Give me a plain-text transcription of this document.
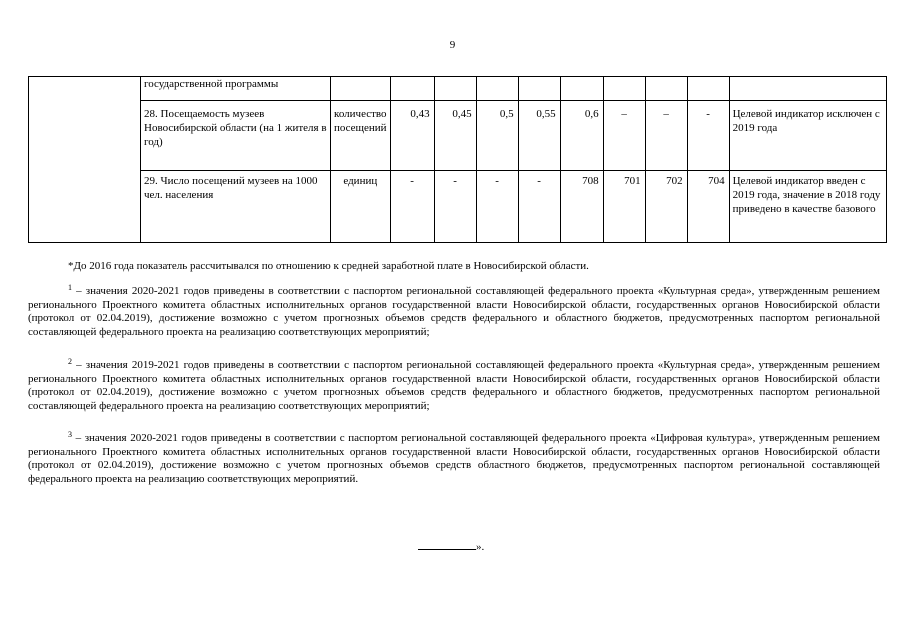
9
	государственной программы										
	28. Посещаемость музеев Новосибирской области (на 1 жителя в год)	количество посещений	0,43	0,45	0,5	0,55	0,6	–	–	-	Целевой индикатор исключен с 2019 года
	29. Число посещений музеев на 1000 чел. населения	единиц	-	-	-	-	708	701	702	704	Целевой индикатор введен с 2019 года, значение в 2018 году приведено в качестве базового

*До 2016 года показатель рассчитывался по отношению к средней заработной плате в Новосибирской области.

$^1$ – значения 2020-2021 годов приведены в соответствии с паспортом региональной составляющей федерального проекта «Культурная среда», утвержденным решением регионального Проектного комитета областных исполнительных органов государственной власти Новосибирской области, государственных органов Новосибирской области (протокол от 02.04.2019), достижение возможно с учетом прогнозных объемов средств федерального и областного бюджетов, предусмотренных паспортом региональной составляющей федерального проекта на реализацию соответствующих мероприятий;

$^2$ – значения 2019-2021 годов приведены в соответствии с паспортом региональной составляющей федерального проекта «Культурная среда», утвержденным решением регионального Проектного комитета областных исполнительных органов государственной власти Новосибирской области, государственных органов Новосибирской области (протокол от 02.04.2019), достижение возможно с учетом прогнозных объемов средств федерального и областного бюджетов, предусмотренных паспортом региональной составляющей федерального проекта на реализацию соответствующих мероприятий;

$^3$ – значения 2020-2021 годов приведены в соответствии с паспортом региональной составляющей федерального проекта «Цифровая культура», утвержденным решением регионального Проектного комитета областных исполнительных органов государственной власти Новосибирской области, государственных органов Новосибирской области (протокол от 02.04.2019), достижение возможно с учетом прогнозных объемов средств областного бюджетов, предусмотренных паспортом региональной составляющей федерального проекта на реализацию соответствующих мероприятий.

».
